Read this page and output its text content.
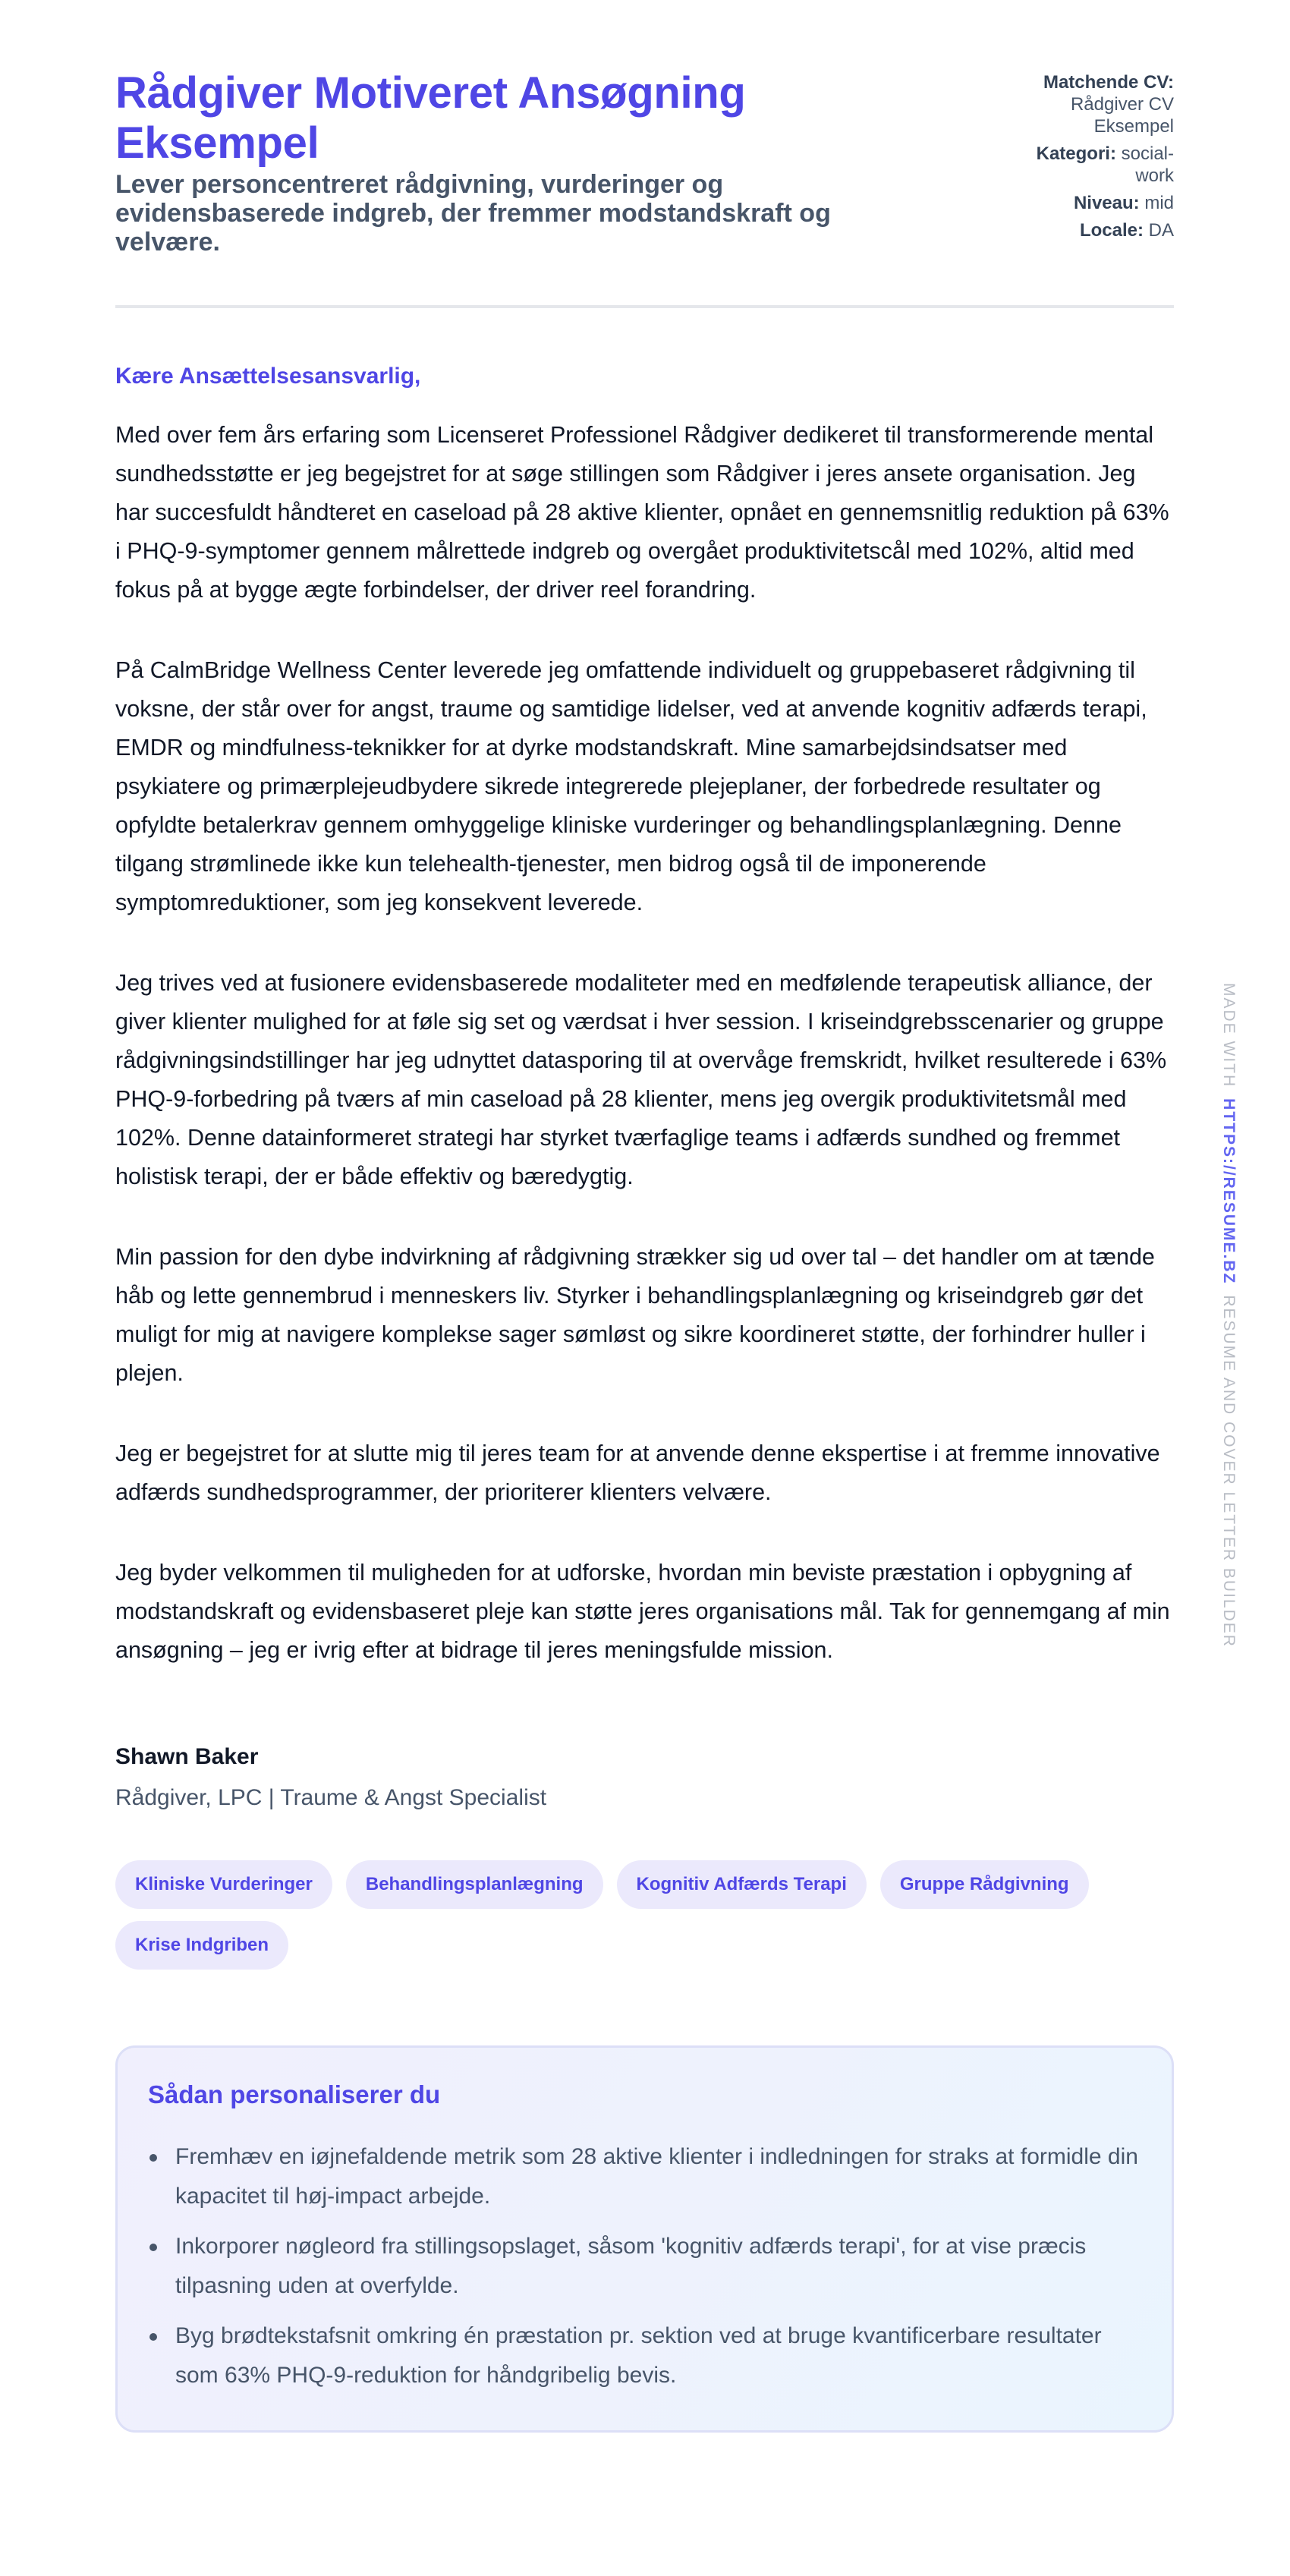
Rådgiver Motiveret Ansøgning Eksempel
Lever personcentreret rådgivning, vurderinger og evidensbaserede indgreb, der fremmer modstandskraft og velvære.
Matchende CV: Rådgiver CV Eksempel
Kategori: social-work
Niveau: mid
Locale: DA
Kære Ansættelsesansvarlig,

Med over fem års erfaring som Licenseret Professionel Rådgiver dedikeret til transformerende mental sundhedsstøtte er jeg begejstret for at søge stillingen som Rådgiver i jeres ansete organisation. Jeg har succesfuldt håndteret en caseload på 28 aktive klienter, opnået en gennemsnitlig reduktion på 63% i PHQ-9-symptomer gennem målrettede indgreb og overgået produktivitetscål med 102%, altid med fokus på at bygge ægte forbindelser, der driver reel forandring.

På CalmBridge Wellness Center leverede jeg omfattende individuelt og gruppebaseret rådgivning til voksne, der står over for angst, traume og samtidige lidelser, ved at anvende kognitiv adfærds terapi, EMDR og mindfulness-teknikker for at dyrke modstandskraft. Mine samarbejdsindsatser med psykiatere og primærplejeudbydere sikrede integrerede plejeplaner, der forbedrede resultater og opfyldte betalerkrav gennem omhyggelige kliniske vurderinger og behandlingsplanlægning. Denne tilgang strømlinede ikke kun telehealth-tjenester, men bidrog også til de imponerende symptomreduktioner, som jeg konsekvent leverede.

Jeg trives ved at fusionere evidensbaserede modaliteter med en medfølende terapeutisk alliance, der giver klienter mulighed for at føle sig set og værdsat i hver session. I kriseindgrebsscenarier og gruppe rådgivningsindstillinger har jeg udnyttet datasporing til at overvåge fremskridt, hvilket resulterede i 63% PHQ-9-forbedring på tværs af min caseload på 28 klienter, mens jeg overgik produktivitetsmål med 102%. Denne datainformeret strategi har styrket tværfaglige teams i adfærds sundhed og fremmet holistisk terapi, der er både effektiv og bæredygtig.

Min passion for den dybe indvirkning af rådgivning strækker sig ud over tal – det handler om at tænde håb og lette gennembrud i menneskers liv. Styrker i behandlingsplanlægning og kriseindgreb gør det muligt for mig at navigere komplekse sager sømløst og sikre koordineret støtte, der forhindrer huller i plejen.

Jeg er begejstret for at slutte mig til jeres team for at anvende denne ekspertise i at fremme innovative adfærds sundhedsprogrammer, der prioriterer klienters velvære.

Jeg byder velkommen til muligheden for at udforske, hvordan min beviste præstation i opbygning af modstandskraft og evidensbaseret pleje kan støtte jeres organisations mål. Tak for gennemgang af min ansøgning – jeg er ivrig efter at bidrage til jeres meningsfulde mission.

Shawn Baker
Rådgiver, LPC | Traume & Angst Specialist
Kliniske Vurderinger	Behandlingsplanlægning	Kognitiv Adfærds Terapi	Gruppe Rådgivning
Krise Indgriben
Sådan personaliserer du
Fremhæv en iøjnefaldende metrik som 28 aktive klienter i indledningen for straks at formidle din kapacitet til høj-impact arbejde.
Inkorporer nøgleord fra stillingsopslaget, såsom 'kognitiv adfærds terapi', for at vise præcis tilpasning uden at overfylde.
Byg brødtekstafsnit omkring én præstation pr. sektion ved at bruge kvantificerbare resultater som 63% PHQ-9-reduktion for håndgribelig bevis.
MADE WITHHTTPS://RESUME.BZRESUME AND COVER LETTER BUILDER
